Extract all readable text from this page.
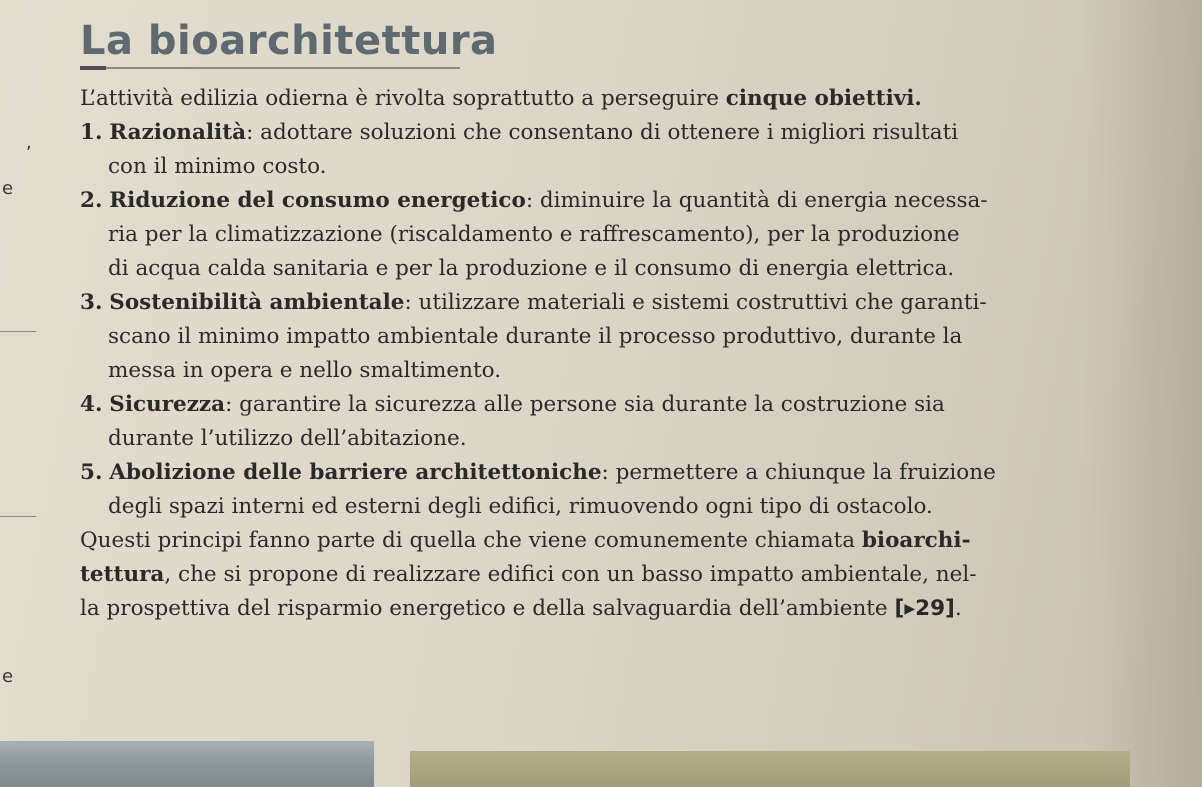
La bioarchitettura
,
e
e
L’attività edilizia odierna è rivolta soprattutto a perseguire cinque obiettivi.
1. Razionalità: adottare soluzioni che consentano di ottenere i migliori risultati
con il minimo costo.
2. Riduzione del consumo energetico: diminuire la quantità di energia necessa-
ria per la climatizzazione (riscaldamento e raffrescamento), per la produzione
di acqua calda sanitaria e per la produzione e il consumo di energia elettrica.
3. Sostenibilità ambientale: utilizzare materiali e sistemi costruttivi che garanti-
scano il minimo impatto ambientale durante il processo produttivo, durante la
messa in opera e nello smaltimento.
4. Sicurezza: garantire la sicurezza alle persone sia durante la costruzione sia
durante l’utilizzo dell’abitazione.
5. Abolizione delle barriere architettoniche: permettere a chiunque la fruizione
degli spazi interni ed esterni degli edifici, rimuovendo ogni tipo di ostacolo.
Questi principi fanno parte di quella che viene comunemente chiamata bioarchi-
tettura, che si propone di realizzare edifici con un basso impatto ambientale, nel-
la prospettiva del risparmio energetico e della salvaguardia dell’ambiente [▸29].
